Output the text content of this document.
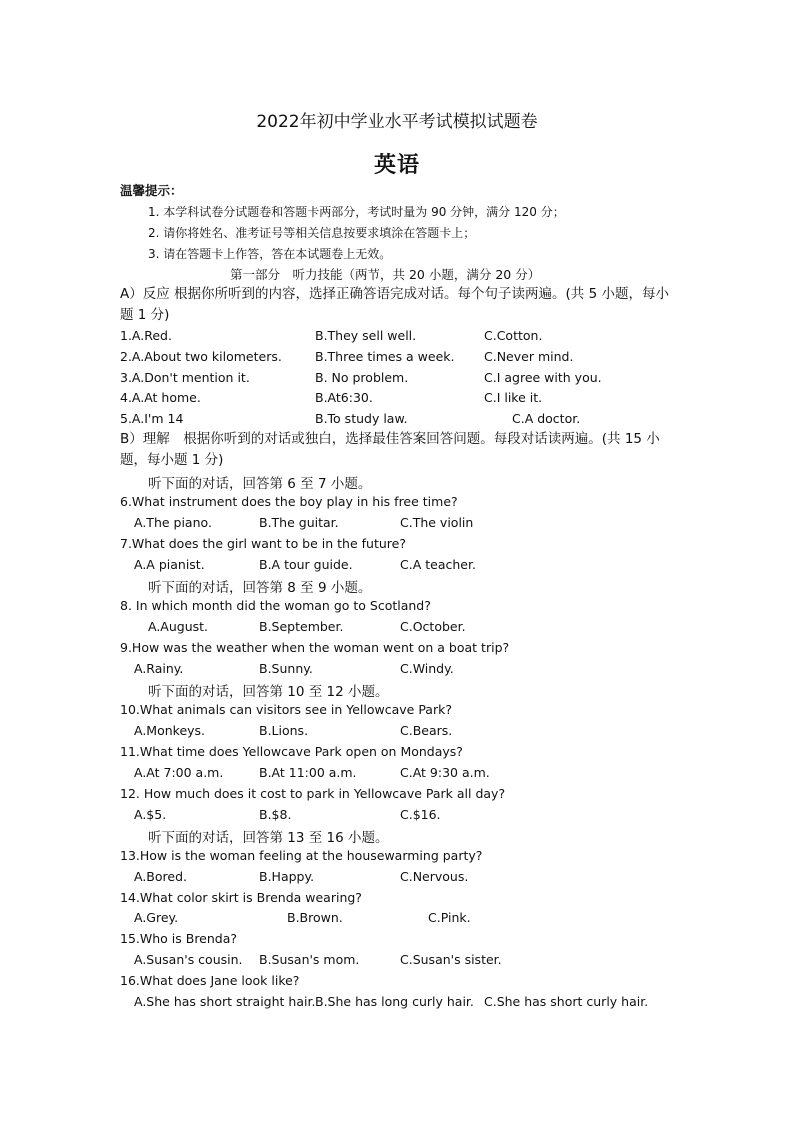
2022年初中学业水平考试模拟试题卷
英语
温馨提示：
1. 本学科试卷分试题卷和答题卡两部分，考试时量为 90 分钟，满分 120 分；
2. 请你将姓名、准考证号等相关信息按要求填涂在答题卡上；
3. 请在答题卡上作答，答在本试题卷上无效。
第一部分　听力技能（两节，共 20 小题，满分 20 分）
A）反应 根据你所听到的内容，选择正确答语完成对话。每个句子读两遍。(共 5 小题，每小题 1 分)
1.A.Red.	B.They sell well.	C.Cotton.
2.A.About two kilometers.	B.Three times a week. C.Never mind.
3.A.Don't mention it.	B. No problem.	C.I agree with you.
4.A.At home.	B.At6:30.	C.I like it.
5.A.I'm 14	B.To study law.	C.A doctor.
B）理解　根据你听到的对话或独白，选择最佳答案回答问题。每段对话读两遍。(共 15 小题，每小题 1 分)
听下面的对话，回答第 6 至 7 小题。
6.What instrument does the boy play in his free time?
A.The piano.	B.The guitar.	C.The violin
7.What does the girl want to be in the future?
A.A pianist.	B.A tour guide.	C.A teacher.
听下面的对话，回答第 8 至 9 小题。
8. In which month did the woman go to Scotland?
A.August.	B.September.	C.October.
9.How was the weather when the woman went on a boat trip?
A.Rainy.	B.Sunny.	C.Windy.
听下面的对话，回答第 10 至 12 小题。
10.What animals can visitors see in Yellowcave Park?
A.Monkeys.	B.Lions.	C.Bears.
11.What time does Yellowcave Park open on Mondays?
A.At 7:00 a.m.	B.At 11:00 a.m.	C.At 9:30 a.m.
12. How much does it cost to park in Yellowcave Park all day?
A.$5.	B.$8.	C.$16.
听下面的对话，回答第 13 至 16 小题。
13.How is the woman feeling at the housewarming party?
A.Bored.	B.Happy.	C.Nervous.
14.What color skirt is Brenda wearing?
A.Grey.	B.Brown.	C.Pink.
15.Who is Brenda?
A.Susan's cousin. B.Susan's mom.	C.Susan's sister.
16.What does Jane look like?
A.She has short straight hair. B.She has long curly hair. C.She has short curly hair.
